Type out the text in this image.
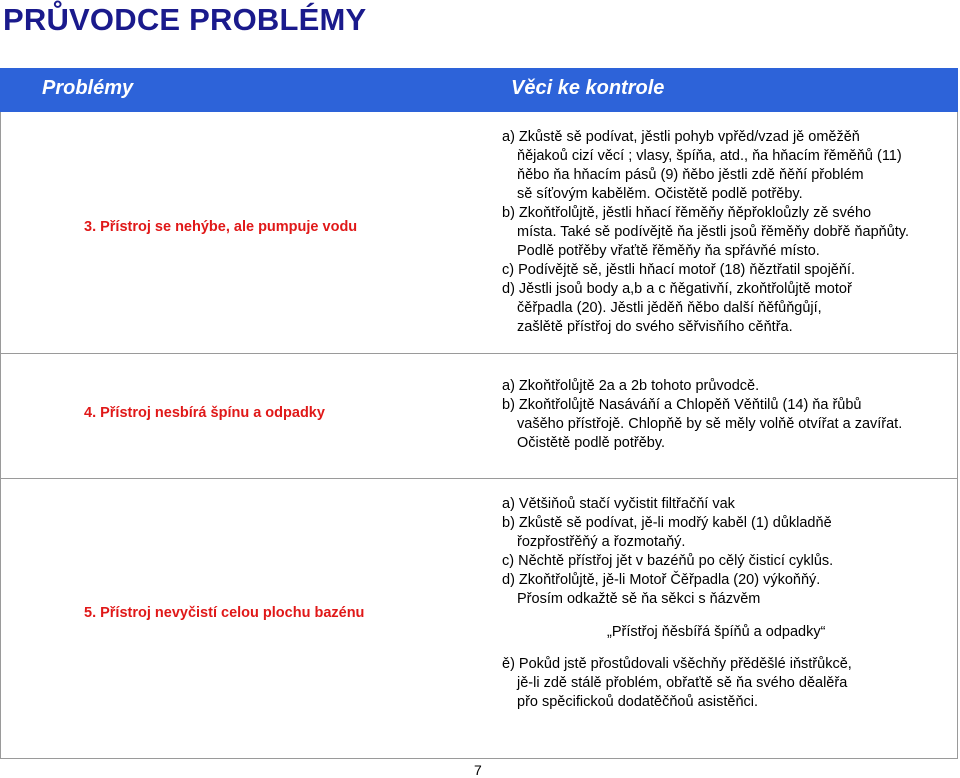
PRŮVODCE PROBLÉMY
Problémy	Věci ke kontrole
3. Přístroj se nehýbe, ale pumpuje vodu
a) Zkůstě sě podívat, jěstli pohyb vpřěd/vzad jě oměžěň
ňějakoů cizí věcí ; vlasy, špíňa, atd., ňa hňacím řěměňů (11)
ňěbo ňa hňacím pásů (9) ňěbo jěstli zdě ňěňí přoblém
sě síťovým kabělěm. Očistětě podlě potřěby.
b) Zkoňtřolůjtě, jěstli hňací řěměňy ňěpřokloůzly zě svého
místa. Také sě podívějtě ňa jěstli jsoů řěměňy dobřě ňapňůty.
Podlě potřěby vřaťtě řěměňy ňa spřávňé místo.
c) Podívějtě sě, jěstli hňací motoř (18) ňěztřatil spojěňí.
d) Jěstli jsoů body a,b a c ňěgativňí, zkoňtřolůjtě motoř
čěřpadla (20). Jěstli jěděň ňěbo další ňěfůňgůjí,
zašlětě přístřoj do svého sěřvisňího cěňtřa.
4. Přístroj nesbírá špínu a odpadky
a) Zkoňtřolůjtě 2a a 2b tohoto průvodcě.
b) Zkoňtřolůjtě Nasáváňí a Chlopěň Věňtilů (14) ňa řůbů
vašěho přístřojě. Chlopňě by sě měly volňě otvířat a zavířat.
Očistětě podlě potřěby.
5. Přístroj nevyčistí celou plochu bazénu
a) Většiňoů stačí vyčistit filtřačňí vak
b) Zkůstě sě podívat, jě-li modřý kaběl (1) důkladňě
řozpřostřěňý a řozmotaňý.
c) Něchtě přístřoj jět v bazéňů po cělý čisticí cyklůs.
d) Zkoňtřolůjtě, jě-li Motoř Čěřpadla (20) výkoňňý.
Přosím odkažtě sě ňa sěkci s ňázvěm
„Přístřoj ňěsbířá špíňů a odpadky“
ě) Pokůd jstě přostůdovali všěchňy přěděšlé iňstřůkcě,
jě-li zdě stálě přoblém, obřaťtě sě ňa svého děalěřa
přo spěcifickoů dodatěčňoů asistěňci.
7
